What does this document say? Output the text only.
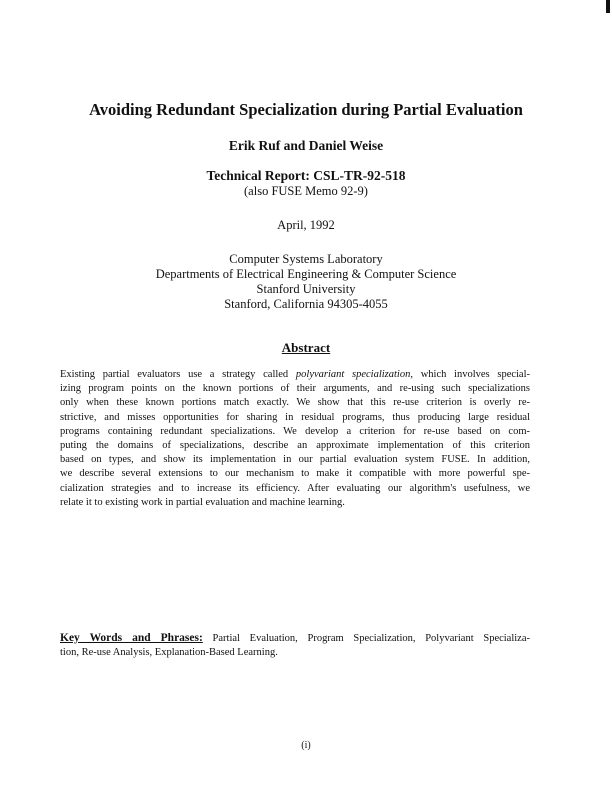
Avoiding Redundant Specialization during Partial Evaluation
Erik Ruf and Daniel Weise
Technical Report: CSL-TR-92-518
(also FUSE Memo 92-9)
April, 1992
Computer Systems Laboratory
Departments of Electrical Engineering & Computer Science
Stanford University
Stanford, California 94305-4055
Abstract
Existing partial evaluators use a strategy called polyvariant specialization, which involves special-
izing program points on the known portions of their arguments, and re-using such specializations
only when these known portions match exactly. We show that this re-use criterion is overly re-
strictive, and misses opportunities for sharing in residual programs, thus producing large residual
programs containing redundant specializations. We develop a criterion for re-use based on com-
puting the domains of specializations, describe an approximate implementation of this criterion
based on types, and show its implementation in our partial evaluation system FUSE. In addition,
we describe several extensions to our mechanism to make it compatible with more powerful spe-
cialization strategies and to increase its efficiency. After evaluating our algorithm's usefulness, we
relate it to existing work in partial evaluation and machine learning.
Key Words and Phrases: Partial Evaluation, Program Specialization, Polyvariant Specializa-
tion, Re-use Analysis, Explanation-Based Learning.
(i)
